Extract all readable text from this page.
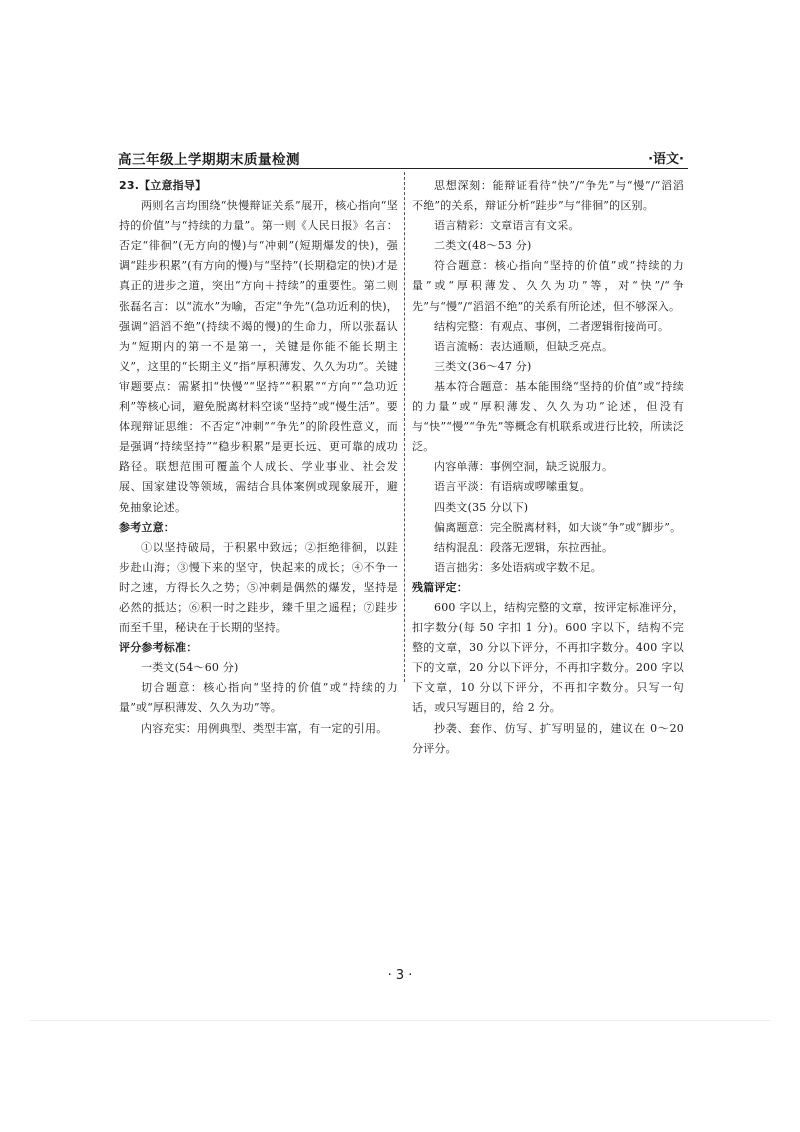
高三年级上学期期末质量检测	·语文·

23.【立意指导】

两则名言均围绕“快慢辩证关系”展开，核心指向“坚持的价值”与“持续的力量”。第一则《人民日报》名言：否定“徘徊”(无方向的慢)与“冲刺”(短期爆发的快)，强调“跬步积累”(有方向的慢)与“坚持”(长期稳定的快)才是真正的进步之道，突出“方向＋持续”的重要性。第二则张磊名言：以“流水”为喻，否定“争先”(急功近利的快)，强调“滔滔不绝”(持续不竭的慢)的生命力，所以张磊认为“短期内的第一不是第一，关键是你能不能长期主义”，这里的“长期主义”指“厚积薄发、久久为功”。关键审题要点：需紧扣“快慢”“坚持”“积累”“方向”“急功近利”等核心词，避免脱离材料空谈“坚持”或“慢生活”。要体现辩证思维：不否定“冲刺”“争先”的阶段性意义，而是强调“持续坚持”“稳步积累”是更长远、更可靠的成功路径。联想范围可覆盖个人成长、学业事业、社会发展、国家建设等领域，需结合具体案例或现象展开，避免抽象论述。

参考立意：

①以坚持破局，于积累中致远；②拒绝徘徊，以跬步赴山海；③慢下来的坚守，快起来的成长；④不争一时之速，方得长久之势；⑤冲刺是偶然的爆发，坚持是必然的抵达；⑥积一时之跬步，臻千里之遥程；⑦跬步而至千里，秘诀在于长期的坚持。

评分参考标准：

一类文(54～60 分)

切合题意：核心指向“坚持的价值”或“持续的力量”或“厚积薄发、久久为功”等。

内容充实：用例典型、类型丰富，有一定的引用。

思想深刻：能辩证看待“快”/“争先”与“慢”/“滔滔不绝”的关系，辩证分析“跬步”与“徘徊”的区别。

语言精彩：文章语言有文采。

二类文(48～53 分)

符合题意：核心指向“坚持的价值”或“持续的力量”或“厚积薄发、久久为功”等，对“快”/“争先”与“慢”/“滔滔不绝”的关系有所论述，但不够深入。

结构完整：有观点、事例，二者逻辑衔接尚可。

语言流畅：表达通顺，但缺乏亮点。

三类文(36～47 分)

基本符合题意：基本能围绕“坚持的价值”或“持续的力量”或“厚积薄发、久久为功”论述，但没有与“快”“慢”“争先”等概念有机联系或进行比较，所读泛泛。

内容单薄：事例空洞，缺乏说服力。

语言平淡：有语病或啰嗦重复。

四类文(35 分以下)

偏离题意：完全脱离材料，如大谈“争”或“脚步”。

结构混乱：段落无逻辑，东拉西扯。

语言拙劣：多处语病或字数不足。

残篇评定：

600 字以上，结构完整的文章，按评定标准评分，扣字数分(每 50 字扣 1 分)。600 字以下，结构不完整的文章，30 分以下评分，不再扣字数分。400 字以下的文章，20 分以下评分，不再扣字数分。200 字以下文章，10 分以下评分，不再扣字数分。只写一句话，或只写题目的，给 2 分。

抄袭、套作、仿写、扩写明显的，建议在 0～20 分评分。

· 3 ·
